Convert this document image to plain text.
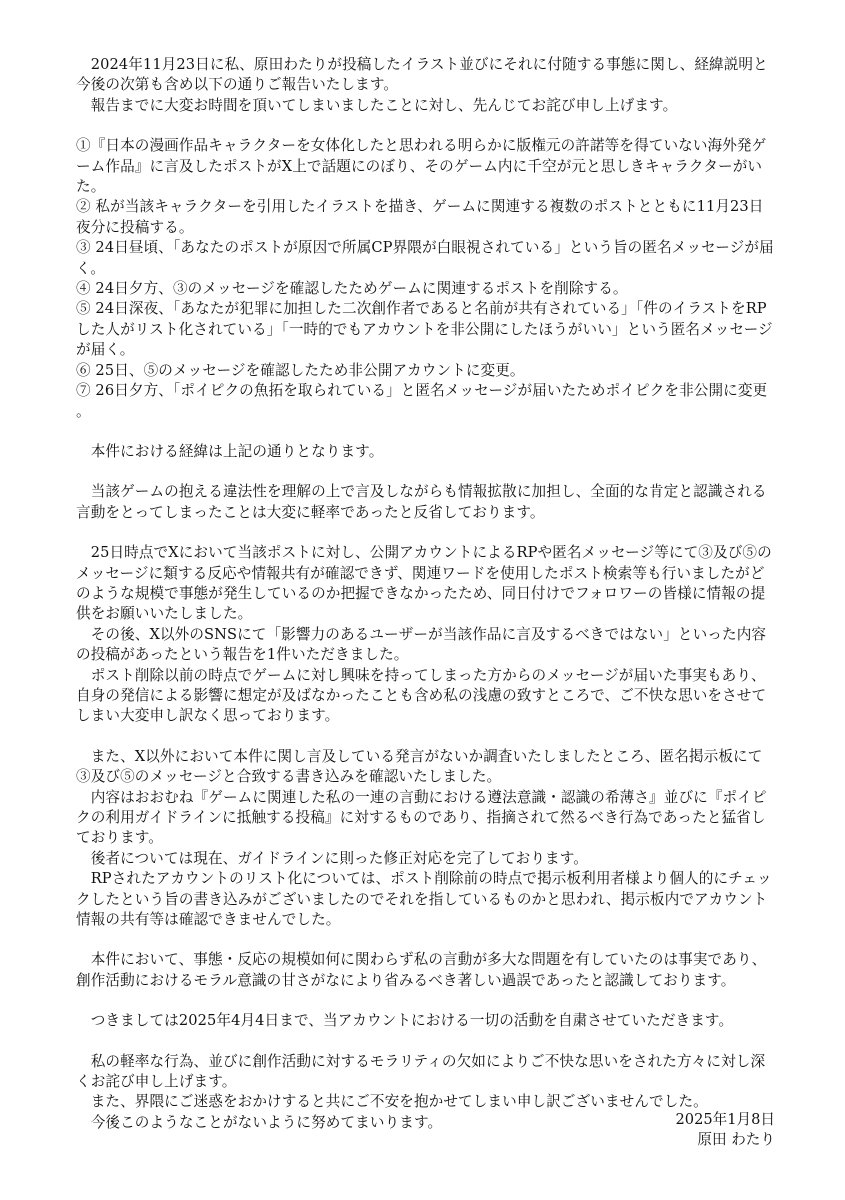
　2024年11月23日に私、原田わたりが投稿したイラスト並びにそれに付随する事態に関し、経緯説明と今後の次第も含め以下の通りご報告いたします。

　報告までに大変お時間を頂いてしまいましたことに対し、先んじてお詫び申し上げます。

①『日本の漫画作品キャラクターを女体化したと思われる明らかに版権元の許諾等を得ていない海外発ゲーム作品』に言及したポストがX上で話題にのぼり、そのゲーム内に千空が元と思しきキャラクターがいた。

② 私が当該キャラクターを引用したイラストを描き、ゲームに関連する複数のポストとともに11月23日夜分に投稿する。

③ 24日昼頃、「あなたのポストが原因で所属CP界隈が白眼視されている」という旨の匿名メッセージが届く。

④ 24日夕方、③のメッセージを確認したためゲームに関連するポストを削除する。

⑤ 24日深夜、「あなたが犯罪に加担した二次創作者であると名前が共有されている」「件のイラストをRPした人がリスト化されている」「一時的でもアカウントを非公開にしたほうがいい」という匿名メッセージが届く。

⑥ 25日、⑤のメッセージを確認したため非公開アカウントに変更。

⑦ 26日夕方、「ポイピクの魚拓を取られている」と匿名メッセージが届いたためポイピクを非公開に変更。

　本件における経緯は上記の通りとなります。

　当該ゲームの抱える違法性を理解の上で言及しながらも情報拡散に加担し、全面的な肯定と認識される言動をとってしまったことは大変に軽率であったと反省しております。

　25日時点でXにおいて当該ポストに対し、公開アカウントによるRPや匿名メッセージ等にて③及び⑤のメッセージに類する反応や情報共有が確認できず、関連ワードを使用したポスト検索等も行いましたがどのような規模で事態が発生しているのか把握できなかったため、同日付けでフォロワーの皆様に情報の提供をお願いいたしました。

　その後、X以外のSNSにて「影響力のあるユーザーが当該作品に言及するべきではない」といった内容の投稿があったという報告を1件いただきました。

　ポスト削除以前の時点でゲームに対し興味を持ってしまった方からのメッセージが届いた事実もあり、自身の発信による影響に想定が及ばなかったことも含め私の浅慮の致すところで、ご不快な思いをさせてしまい大変申し訳なく思っております。

　また、X以外において本件に関し言及している発言がないか調査いたしましたところ、匿名掲示板にて③及び⑤のメッセージと合致する書き込みを確認いたしました。

　内容はおおむね『ゲームに関連した私の一連の言動における遵法意識・認識の希薄さ』並びに『ポイピクの利用ガイドラインに抵触する投稿』に対するものであり、指摘されて然るべき行為であったと猛省しております。

　後者については現在、ガイドラインに則った修正対応を完了しております。

　RPされたアカウントのリスト化については、ポスト削除前の時点で掲示板利用者様より個人的にチェックしたという旨の書き込みがございましたのでそれを指しているものかと思われ、掲示板内でアカウント情報の共有等は確認できませんでした。

　本件において、事態・反応の規模如何に関わらず私の言動が多大な問題を有していたのは事実であり、創作活動におけるモラル意識の甘さがなにより省みるべき著しい過誤であったと認識しております。

　つきましては2025年4月4日まで、当アカウントにおける一切の活動を自粛させていただきます。

　私の軽率な行為、並びに創作活動に対するモラリティの欠如によりご不快な思いをされた方々に対し深くお詫び申し上げます。

　また、界隈にご迷惑をおかけすると共にご不安を抱かせてしまい申し訳ございませんでした。

　今後このようなことがないように努めてまいります。	2025年1月8日

原田 わたり
